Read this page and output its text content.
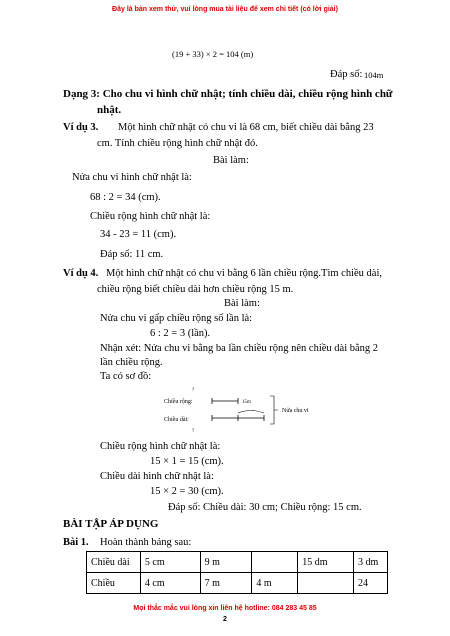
Đây là bản xem thử, vui lòng mua tài liệu để xem chi tiết (có lời giải)
(19 + 33) × 2 = 104 (m)
Đáp số: 104m
Dạng 3: Cho chu vi hình chữ nhật; tính chiều dài, chiều rộng hình chữ
nhật.
Ví dụ 3. Một hình chữ nhật có chu vi là 68 cm, biết chiều dài bằng 23
cm. Tính chiều rộng hình chữ nhật đó.
Bài làm:
Nửa chu vi hình chữ nhật là:
68 : 2 = 34 (cm).
Chiều rộng hình chữ nhật là:
34 - 23 = 11 (cm).
Đáp số: 11 cm.
Ví dụ 4. Một hình chữ nhật có chu vi bằng 6 lần chiều rộng.Tìm chiều dài,
chiều rộng biết chiều dài hơn chiều rộng 15 m.
Bài làm:
Nửa chu vi gấp chiều rộng số lần là:
6 : 2 = 3 (lần).
Nhận xét: Nửa chu vi bằng ba lần chiều rộng nên chiều dài bằng 2
lần chiều rộng.
Ta có sơ đồ:
?
Chiều rộng:	15m
Chiều dài:
?
Nửa chu vi
Chiều rộng hình chữ nhật là:
15 × 1 = 15 (cm).
Chiều dài hình chữ nhật là:
15 × 2 = 30 (cm).
Đáp số: Chiều dài: 30 cm; Chiều rộng: 15 cm.
BÀI TẬP ÁP DỤNG
Bài 1. Hoàn thành bảng sau:
Chiều dài	5 cm	9 m		15 dm	3 dm
Chiều	4 cm	7 m	4 m		24
Mọi thắc mắc vui lòng xin liên hệ hotline: 084 283 45 85
2
